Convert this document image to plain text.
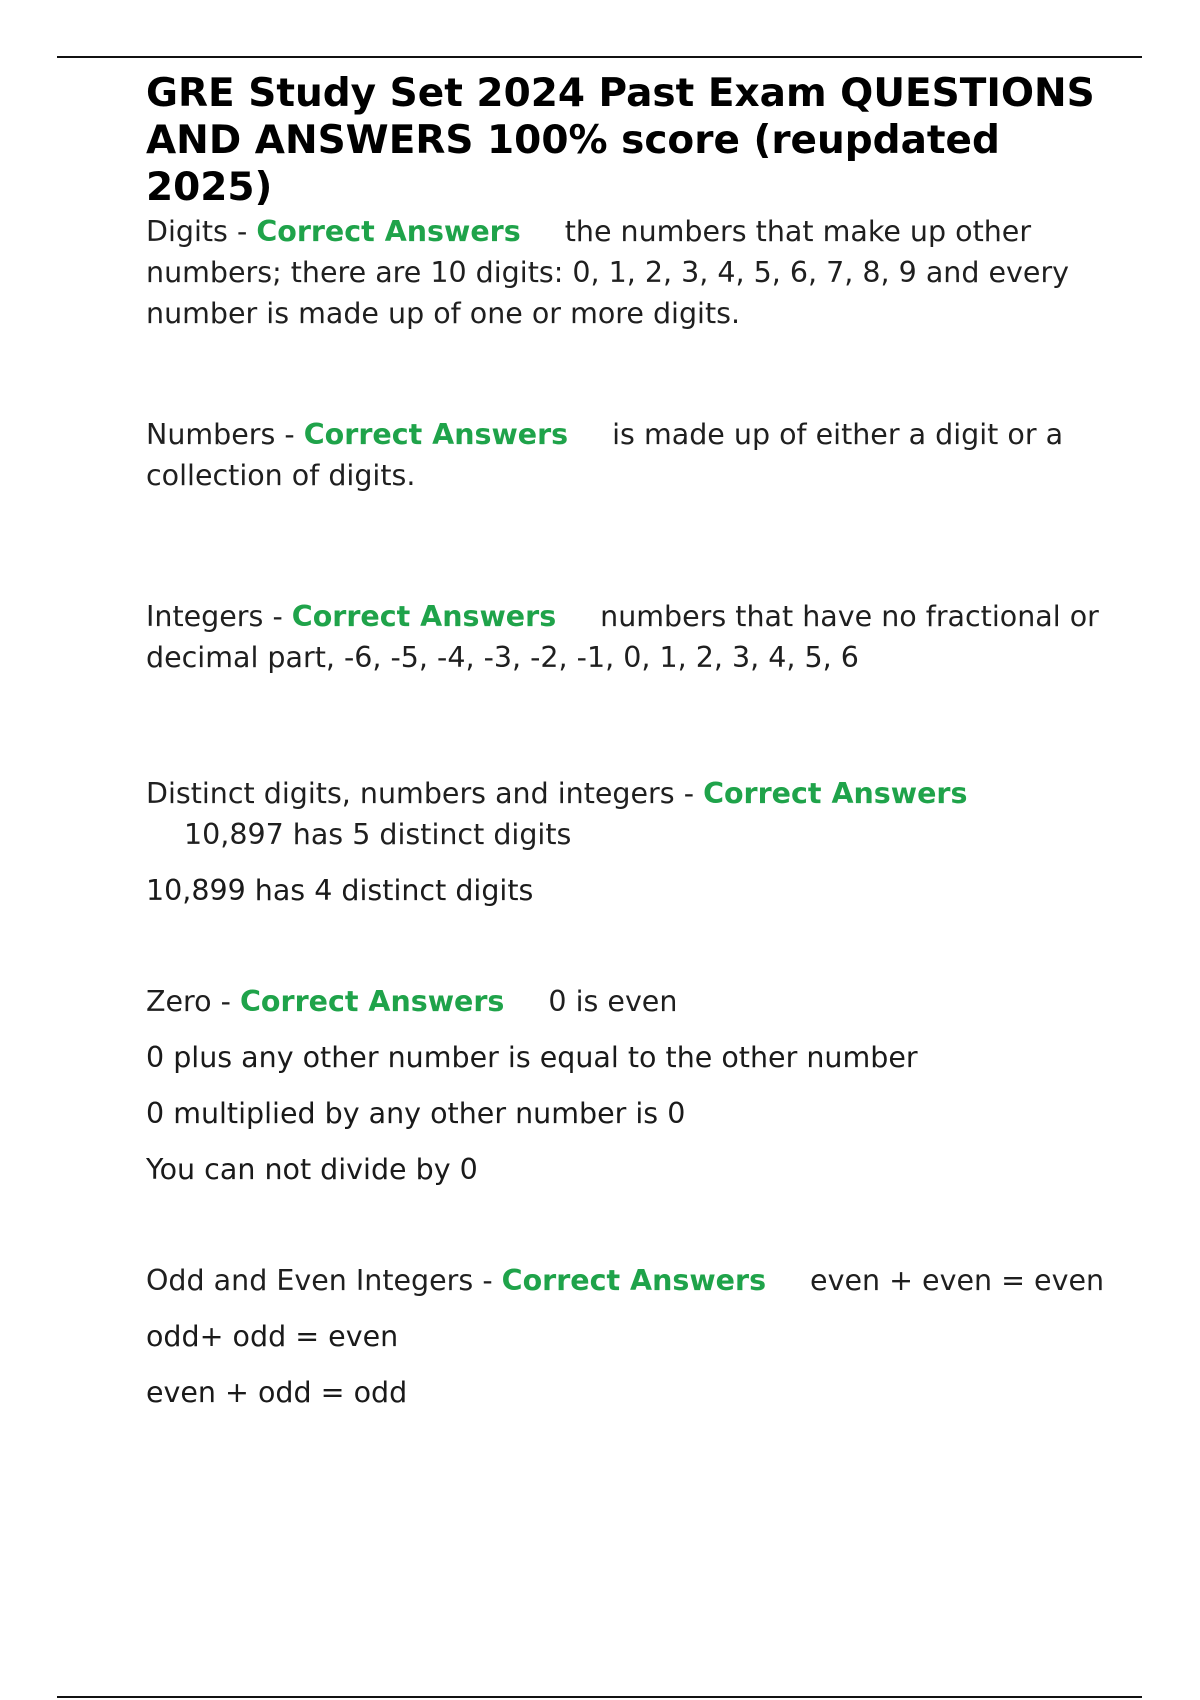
GRE Study Set 2024 Past Exam QUESTIONS AND ANSWERS 100% score (reupdated 2025)

Digits - Correct Answers the numbers that make up other numbers; there are 10 digits: 0, 1, 2, 3, 4, 5, 6, 7, 8, 9 and every number is made up of one or more digits.

Numbers - Correct Answers is made up of either a digit or a collection of digits.

Integers - Correct Answers numbers that have no fractional or decimal part, -6, -5, -4, -3, -2, -1, 0, 1, 2, 3, 4, 5, 6

Distinct digits, numbers and integers - Correct Answers
10,897 has 5 distinct digits

10,899 has 4 distinct digits

Zero - Correct Answers 0 is even

0 plus any other number is equal to the other number

0 multiplied by any other number is 0

You can not divide by 0

Odd and Even Integers - Correct Answers even + even = even

odd+ odd = even

even + odd = odd
